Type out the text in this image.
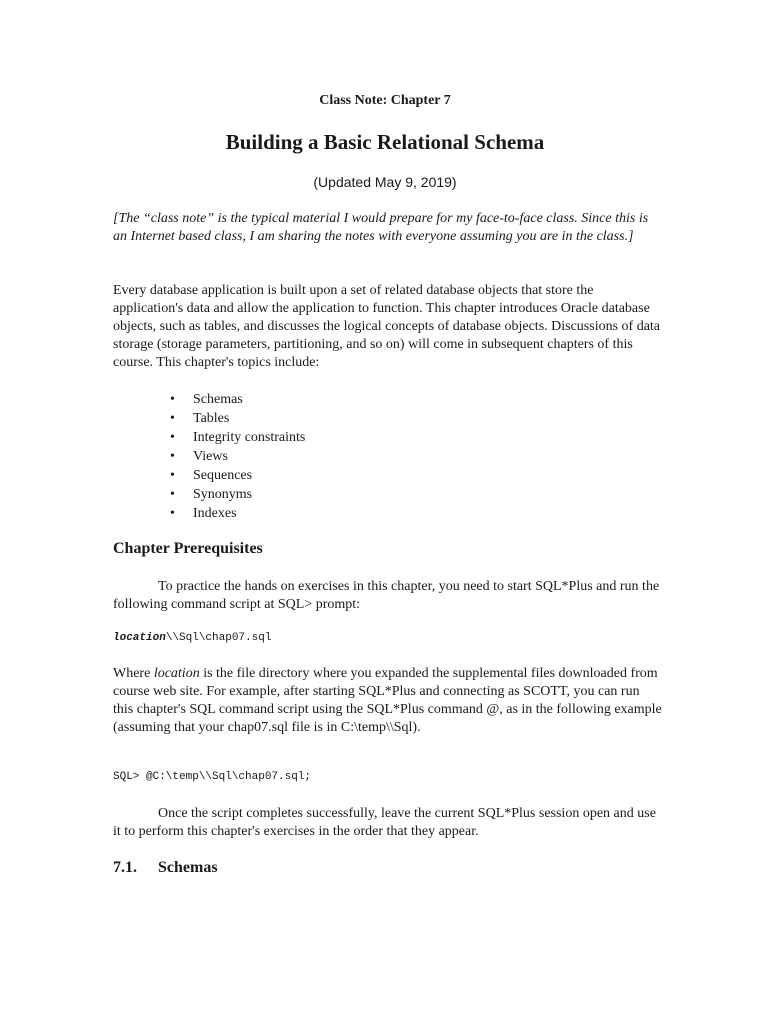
Class Note: Chapter 7
Building a Basic Relational Schema
(Updated May 9, 2019)

[The “class note” is the typical material I would prepare for my face-to-face class. Since this is an Internet based class, I am sharing the notes with everyone assuming you are in the class.]

Every database application is built upon a set of related database objects that store the application's data and allow the application to function. This chapter introduces Oracle database objects, such as tables, and discusses the logical concepts of database objects. Discussions of data storage (storage parameters, partitioning, and so on) will come in subsequent chapters of this course. This chapter's topics include:

• Schemas
• Tables
• Integrity constraints
• Views
• Sequences
• Synonyms
• Indexes
Chapter Prerequisites

To practice the hands on exercises in this chapter, you need to start SQL*Plus and run the following command script at SQL> prompt:

location\\Sql\chap07.sql

Where location is the file directory where you expanded the supplemental files downloaded from course web site. For example, after starting SQL*Plus and connecting as SCOTT, you can run this chapter's SQL command script using the SQL*Plus command @, as in the following example (assuming that your chap07.sql file is in C:\temp\\Sql).

SQL> @C:\temp\\Sql\chap07.sql;

Once the script completes successfully, leave the current SQL*Plus session open and use it to perform this chapter's exercises in the order that they appear.

7.1. Schemas
